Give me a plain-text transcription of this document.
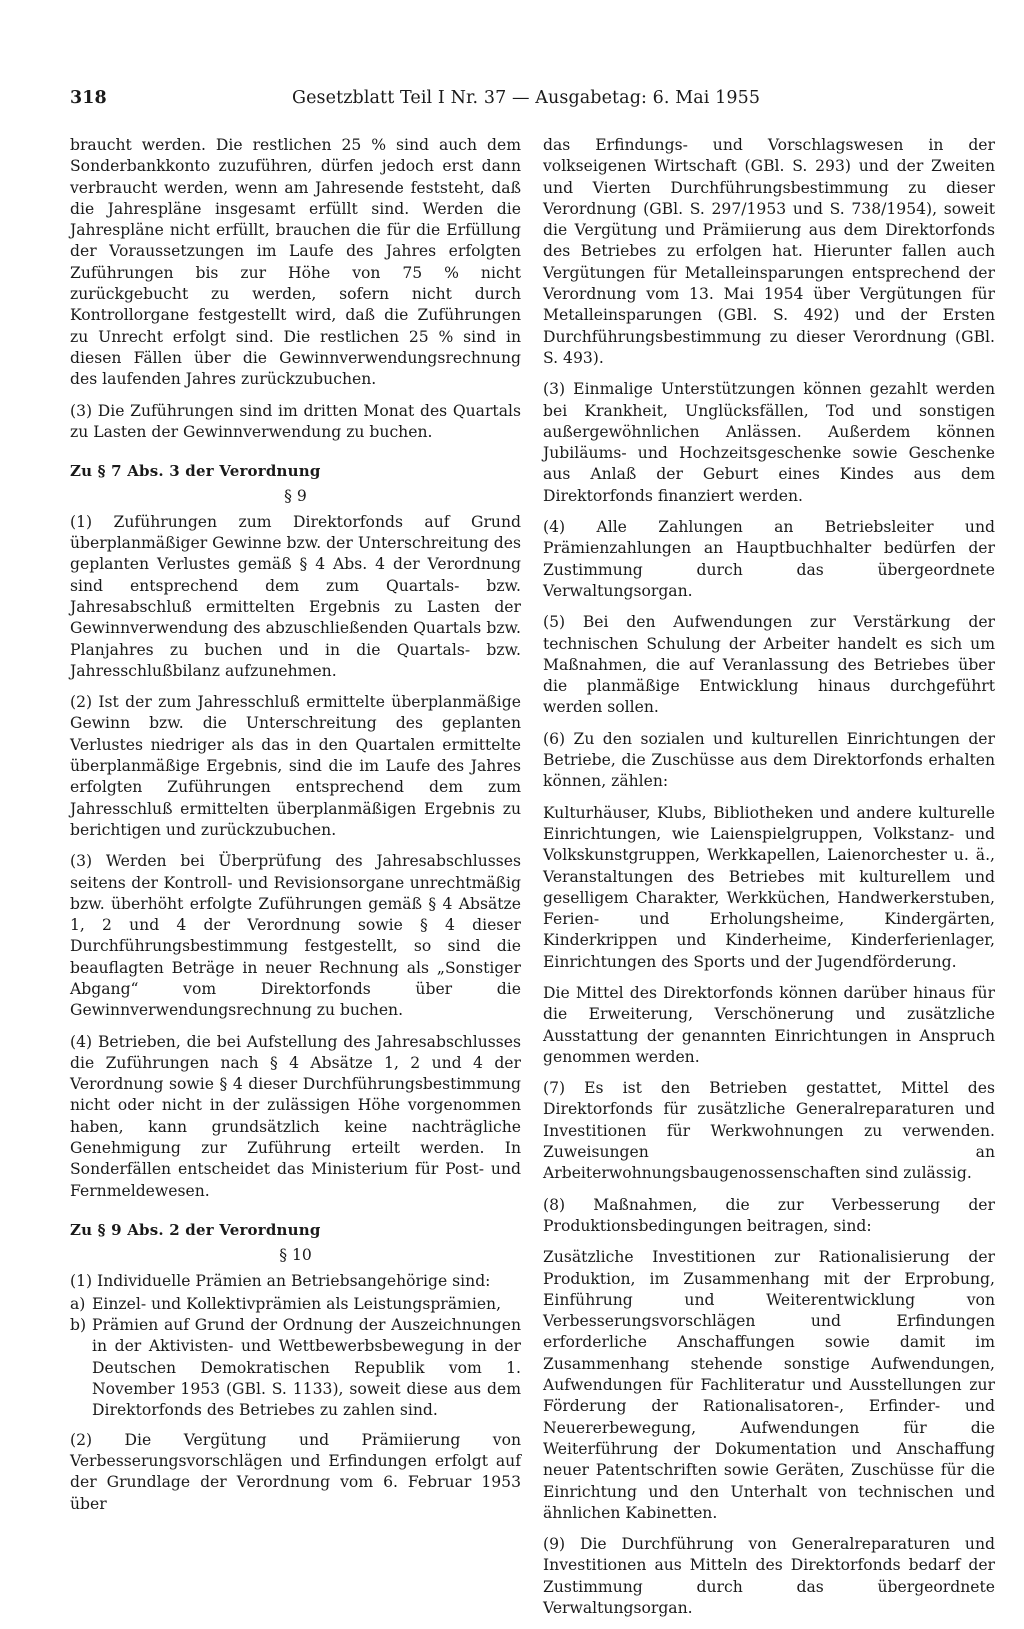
318	Gesetzblatt Teil I Nr. 37 — Ausgabetag: 6. Mai 1955

braucht werden. Die restlichen 25 % sind auch dem Sonderbankkonto zuzuführen, dürfen jedoch erst dann verbraucht werden, wenn am Jahresende feststeht, daß die Jahrespläne insgesamt erfüllt sind. Werden die Jahrespläne nicht erfüllt, brauchen die für die Erfüllung der Voraussetzungen im Laufe des Jahres erfolgten Zuführungen bis zur Höhe von 75 % nicht zurückgebucht zu werden, sofern nicht durch Kontrollorgane festgestellt wird, daß die Zuführungen zu Unrecht erfolgt sind. Die restlichen 25 % sind in diesen Fällen über die Gewinnverwendungsrechnung des laufenden Jahres zurückzubuchen.

(3) Die Zuführungen sind im dritten Monat des Quartals zu Lasten der Gewinnverwendung zu buchen.

Zu § 7 Abs. 3 der Verordnung
§ 9

(1) Zuführungen zum Direktorfonds auf Grund überplanmäßiger Gewinne bzw. der Unterschreitung des geplanten Verlustes gemäß § 4 Abs. 4 der Verordnung sind entsprechend dem zum Quartals- bzw. Jahresabschluß ermittelten Ergebnis zu Lasten der Gewinnverwendung des abzuschließenden Quartals bzw. Planjahres zu buchen und in die Quartals- bzw. Jahresschlußbilanz aufzunehmen.

(2) Ist der zum Jahresschluß ermittelte überplanmäßige Gewinn bzw. die Unterschreitung des geplanten Verlustes niedriger als das in den Quartalen ermittelte überplanmäßige Ergebnis, sind die im Laufe des Jahres erfolgten Zuführungen entsprechend dem zum Jahresschluß ermittelten überplanmäßigen Ergebnis zu berichtigen und zurückzubuchen.

(3) Werden bei Überprüfung des Jahresabschlusses seitens der Kontroll- und Revisionsorgane unrechtmäßig bzw. überhöht erfolgte Zuführungen gemäß § 4 Absätze 1, 2 und 4 der Verordnung sowie § 4 dieser Durchführungsbestimmung festgestellt, so sind die beauflagten Beträge in neuer Rechnung als „Sonstiger Abgang“ vom Direktorfonds über die Gewinnverwendungsrechnung zu buchen.

(4) Betrieben, die bei Aufstellung des Jahresabschlusses die Zuführungen nach § 4 Absätze 1, 2 und 4 der Verordnung sowie § 4 dieser Durchführungsbestimmung nicht oder nicht in der zulässigen Höhe vorgenommen haben, kann grundsätzlich keine nachträgliche Genehmigung zur Zuführung erteilt werden. In Sonderfällen entscheidet das Ministerium für Post- und Fernmeldewesen.

Zu § 9 Abs. 2 der Verordnung
§ 10

(1) Individuelle Prämien an Betriebsangehörige sind:

a) Einzel- und Kollektivprämien als Leistungsprämien,
b) Prämien auf Grund der Ordnung der Auszeichnungen in der Aktivisten- und Wettbewerbsbewegung in der Deutschen Demokratischen Republik vom 1. November 1953 (GBl. S. 1133), soweit diese aus dem Direktorfonds des Betriebes zu zahlen sind.

(2) Die Vergütung und Prämiierung von Verbesserungsvorschlägen und Erfindungen erfolgt auf der Grundlage der Verordnung vom 6. Februar 1953 über

das Erfindungs- und Vorschlagswesen in der volkseigenen Wirtschaft (GBl. S. 293) und der Zweiten und Vierten Durchführungsbestimmung zu dieser Verordnung (GBl. S. 297/1953 und S. 738/1954), soweit die Vergütung und Prämiierung aus dem Direktorfonds des Betriebes zu erfolgen hat. Hierunter fallen auch Vergütungen für Metalleinsparungen entsprechend der Verordnung vom 13. Mai 1954 über Vergütungen für Metalleinsparungen (GBl. S. 492) und der Ersten Durchführungsbestimmung zu dieser Verordnung (GBl. S. 493).

(3) Einmalige Unterstützungen können gezahlt werden bei Krankheit, Unglücksfällen, Tod und sonstigen außergewöhnlichen Anlässen. Außerdem können Jubiläums- und Hochzeitsgeschenke sowie Geschenke aus Anlaß der Geburt eines Kindes aus dem Direktorfonds finanziert werden.

(4) Alle Zahlungen an Betriebsleiter und Prämienzahlungen an Hauptbuchhalter bedürfen der Zustimmung durch das übergeordnete Verwaltungsorgan.

(5) Bei den Aufwendungen zur Verstärkung der technischen Schulung der Arbeiter handelt es sich um Maßnahmen, die auf Veranlassung des Betriebes über die planmäßige Entwicklung hinaus durchgeführt werden sollen.

(6) Zu den sozialen und kulturellen Einrichtungen der Betriebe, die Zuschüsse aus dem Direktorfonds erhalten können, zählen:

Kulturhäuser, Klubs, Bibliotheken und andere kulturelle Einrichtungen, wie Laienspielgruppen, Volkstanz- und Volkskunstgruppen, Werkkapellen, Laienorchester u. ä., Veranstaltungen des Betriebes mit kulturellem und geselligem Charakter, Werkküchen, Handwerkerstuben, Ferien- und Erholungsheime, Kindergärten, Kinderkrippen und Kinderheime, Kinderferienlager, Einrichtungen des Sports und der Jugendförderung.

Die Mittel des Direktorfonds können darüber hinaus für die Erweiterung, Verschönerung und zusätzliche Ausstattung der genannten Einrichtungen in Anspruch genommen werden.

(7) Es ist den Betrieben gestattet, Mittel des Direktorfonds für zusätzliche Generalreparaturen und Investitionen für Werkwohnungen zu verwenden. Zuweisungen an Arbeiterwohnungsbaugenossenschaften sind zulässig.

(8) Maßnahmen, die zur Verbesserung der Produktionsbedingungen beitragen, sind:

Zusätzliche Investitionen zur Rationalisierung der Produktion, im Zusammenhang mit der Erprobung, Einführung und Weiterentwicklung von Verbesserungsvorschlägen und Erfindungen erforderliche Anschaffungen sowie damit im Zusammenhang stehende sonstige Aufwendungen, Aufwendungen für Fachliteratur und Ausstellungen zur Förderung der Rationalisatoren-, Erfinder- und Neuererbewegung, Aufwendungen für die Weiterführung der Dokumentation und Anschaffung neuer Patentschriften sowie Geräten, Zuschüsse für die Einrichtung und den Unterhalt von technischen und ähnlichen Kabinetten.

(9) Die Durchführung von Generalreparaturen und Investitionen aus Mitteln des Direktorfonds bedarf der Zustimmung durch das übergeordnete Verwaltungsorgan.
